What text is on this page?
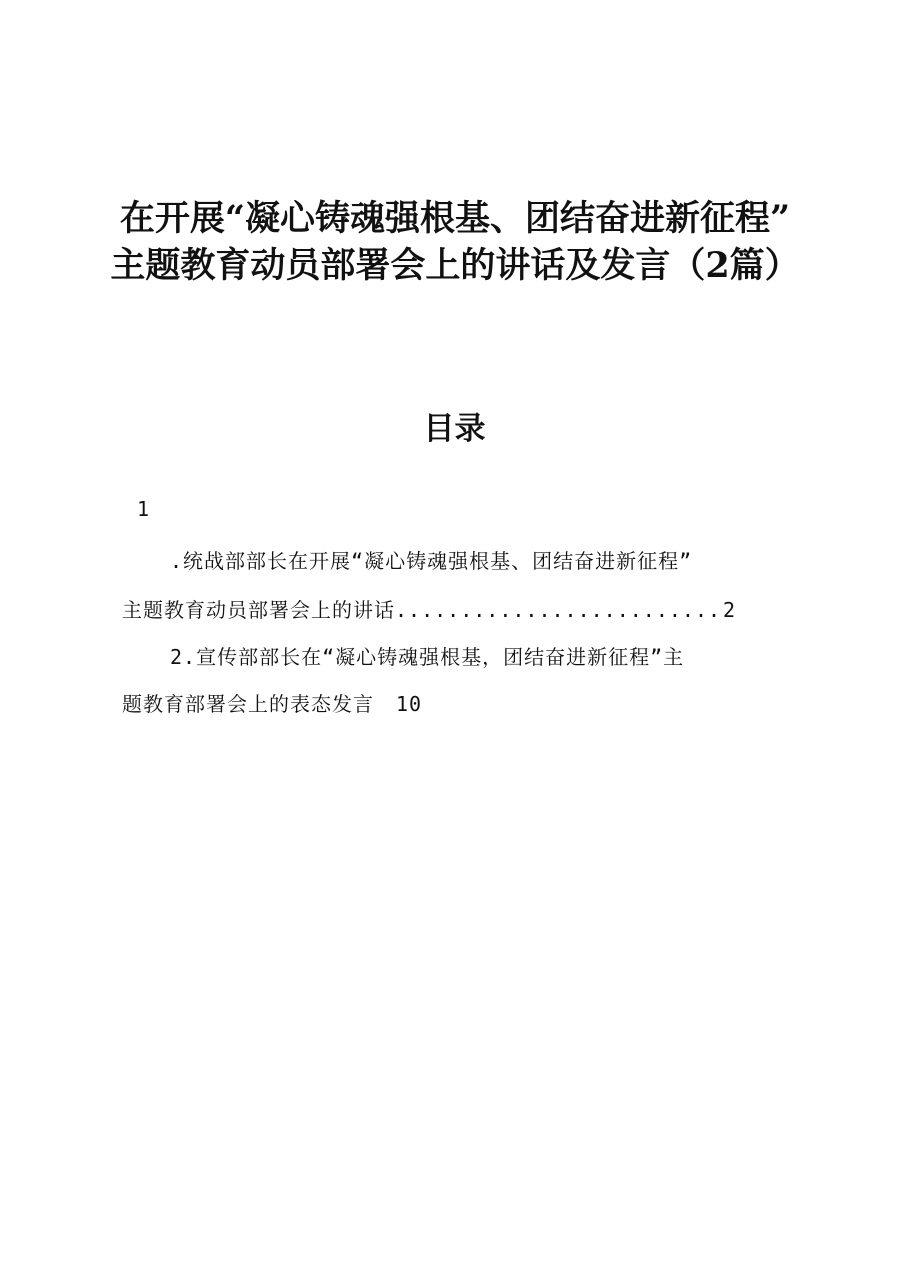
在开展“凝心铸魂强根基、团结奋进新征程”
主题教育动员部署会上的讲话及发言（2篇）
目录
1
.统战部部长在开展“凝心铸魂强根基、团结奋进新征程”
主题教育动员部署会上的讲话......................... 2
2.宣传部部长在“凝心铸魂强根基，团结奋进新征程”主
题教育部署会上的表态发言 10
